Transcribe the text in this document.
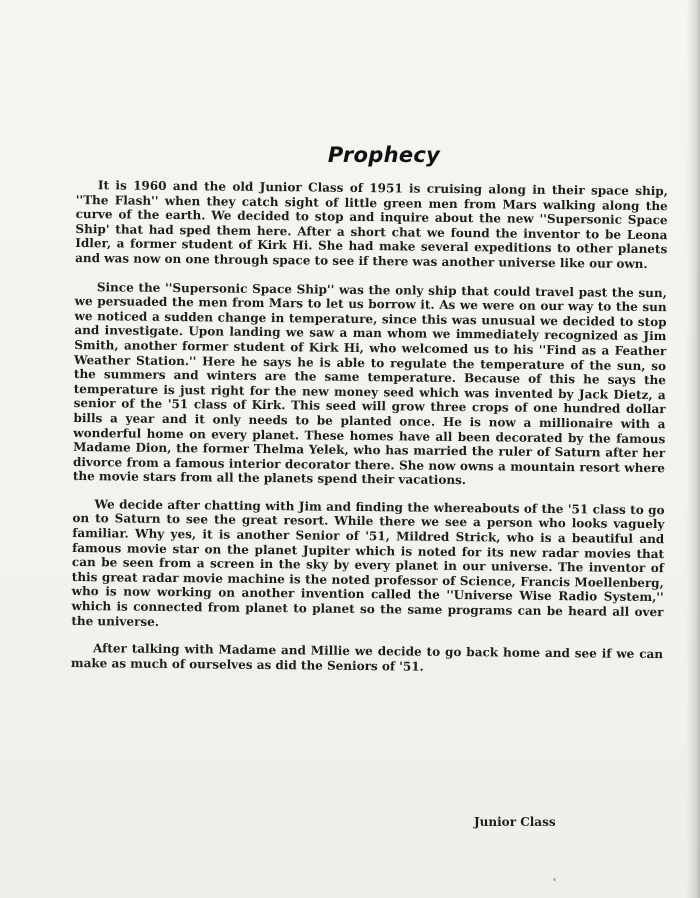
Prophecy

It is 1960 and the old Junior Class of 1951 is cruising along in their space ship, ''The Flash'' when they catch sight of little green men from Mars walking along the curve of the earth. We decided to stop and inquire about the new ''Supersonic Space Ship' that had sped them here. After a short chat we found the inventor to be Leona Idler, a former student of Kirk Hi. She had make several expeditions to other planets and was now on one through space to see if there was another universe like our own.

Since the ''Supersonic Space Ship'' was the only ship that could travel past the sun, we persuaded the men from Mars to let us borrow it. As we were on our way to the sun we noticed a sudden change in temperature, since this was unusual we decided to stop and investigate. Upon landing we saw a man whom we immediately recognized as Jim Smith, another former student of Kirk Hi, who welcomed us to his ''Find as a Feather Weather Station.'' Here he says he is able to regulate the temperature of the sun, so the summers and winters are the same temperature. Because of this he says the temperature is just right for the new money seed which was invented by Jack Dietz, a senior of the '51 class of Kirk. This seed will grow three crops of one hundred dollar bills a year and it only needs to be planted once. He is now a millionaire with a wonderful home on every planet. These homes have all been decorated by the famous Madame Dion, the former Thelma Yelek, who has married the ruler of Saturn after her divorce from a famous interior decorator there. She now owns a mountain resort where the movie stars from all the planets spend their vacations.

We decide after chatting with Jim and finding the whereabouts of the '51 class to go on to Saturn to see the great resort. While there we see a person who looks vaguely familiar. Why yes, it is another Senior of '51, Mildred Strick, who is a beautiful and famous movie star on the planet Jupiter which is noted for its new radar movies that can be seen from a screen in the sky by every planet in our universe. The inventor of this great radar movie machine is the noted professor of Science, Francis Moellenberg, who is now working on another invention called the ''Universe Wise Radio System,'' which is connected from planet to planet so the same programs can be heard all over the universe.

After talking with Madame and Millie we decide to go back home and see if we can make as much of ourselves as did the Seniors of '51.

Junior Class
